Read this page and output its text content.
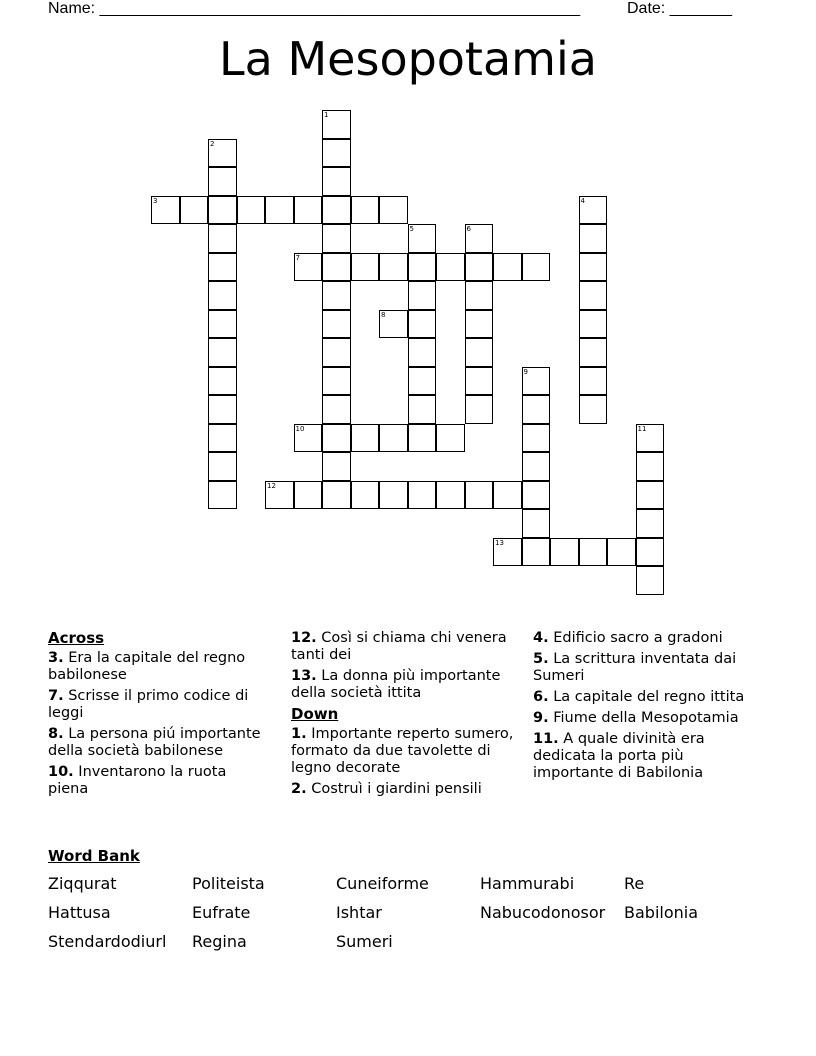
Name: ______________________________________________________	Date: _______
La Mesopotamia
1
2
3	4
5	6
7
8
9
10	11
12
13
Across
3. Era la capitale del regno babilonese
7. Scrisse il primo codice di leggi
8. La persona piú importante della società babilonese
10. Inventarono la ruota piena
12. Così si chiama chi venera tanti dei
13. La donna più importante della società ittita
Down
1. Importante reperto sumero, formato da due tavolette di legno decorate
2. Costruì i giardini pensili
4. Edificio sacro a gradoni
5. La scrittura inventata dai Sumeri
6. La capitale del regno ittita
9. Fiume della Mesopotamia
11. A quale divinità era dedicata la porta più importante di Babilonia
Word Bank
Ziqqurat	Politeista	Cuneiforme	Hammurabi	Re
Hattusa	Eufrate	Ishtar	Nabucodonosor	Babilonia
Stendardodiurl	Regina	Sumeri
